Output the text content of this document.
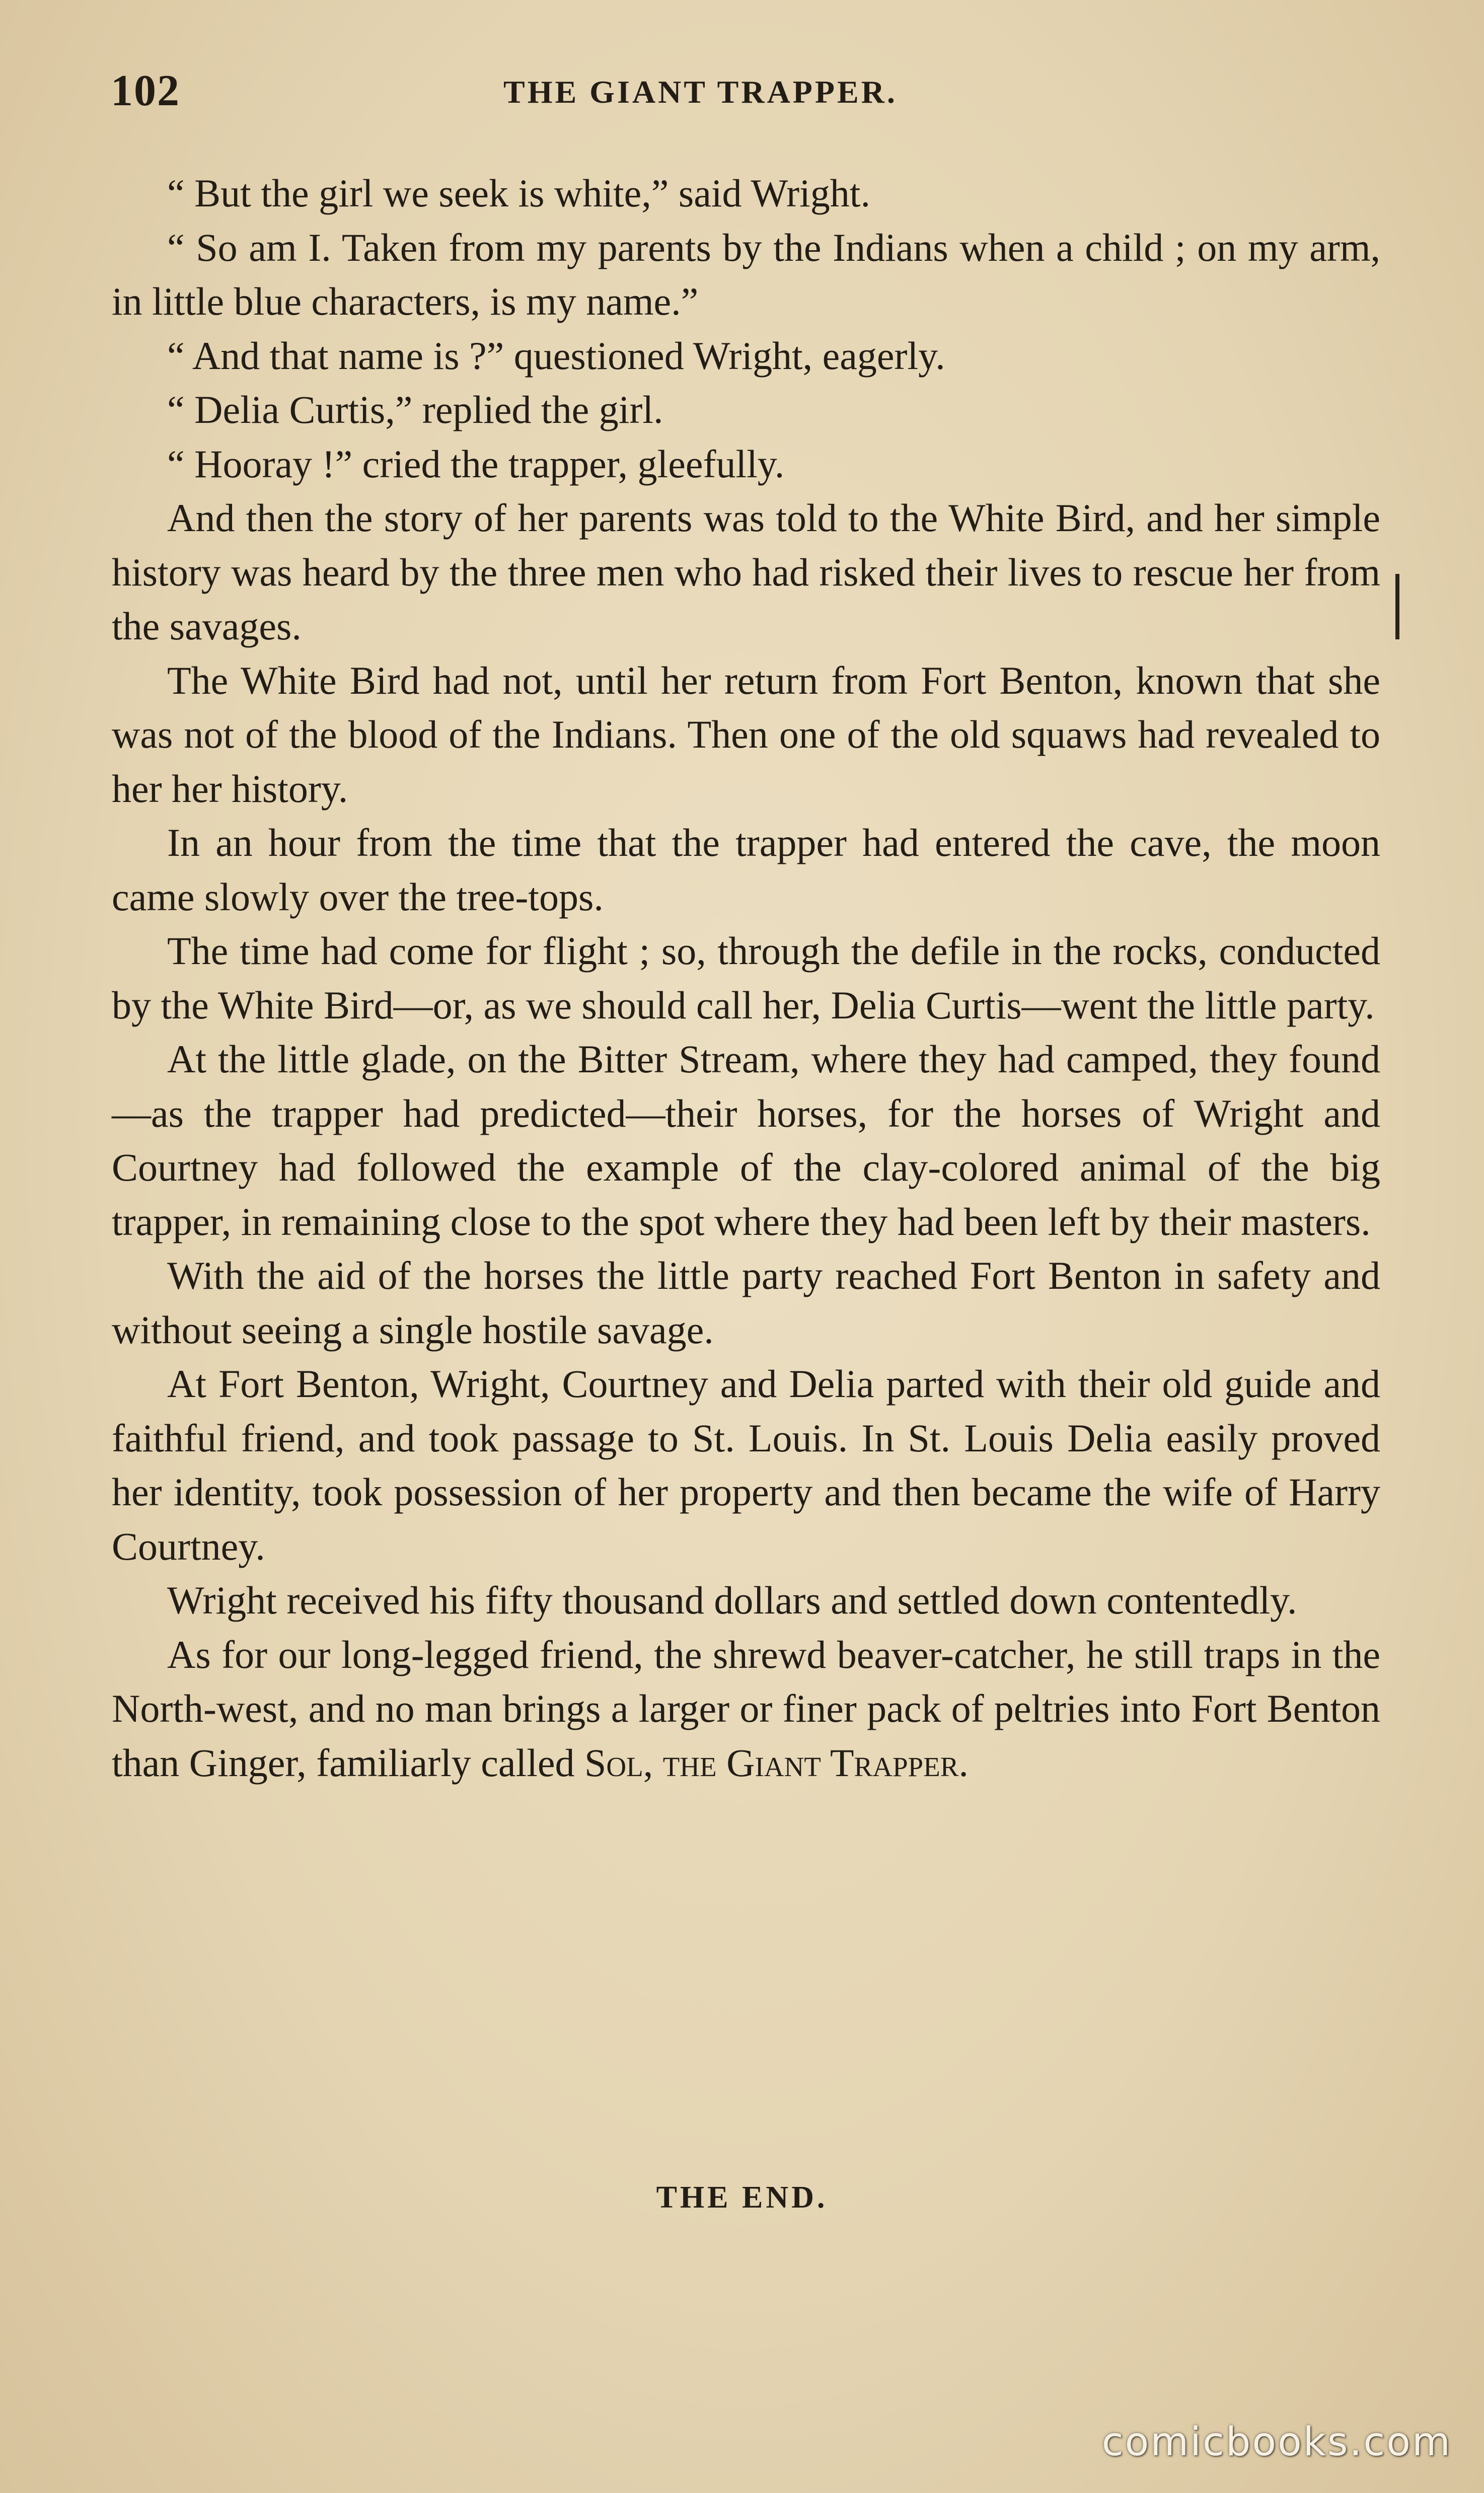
102	THE GIANT TRAPPER.

“ But the girl we seek is white,” said Wright.

“ So am I. Taken from my parents by the Indians when a child ; on my arm, in little blue characters, is my name.”

“ And that name is ?” questioned Wright, eagerly.

“ Delia Curtis,” replied the girl.

“ Hooray !” cried the trapper, gleefully.

And then the story of her parents was told to the White Bird, and her simple history was heard by the three men who had risked their lives to rescue her from the savages.

The White Bird had not, until her return from Fort Benton, known that she was not of the blood of the Indians. Then one of the old squaws had revealed to her her history.

In an hour from the time that the trapper had entered the cave, the moon came slowly over the tree-tops.

The time had come for flight ; so, through the defile in the rocks, conducted by the White Bird—or, as we should call her, Delia Curtis—went the little party.

At the little glade, on the Bitter Stream, where they had camped, they found—as the trapper had predicted—their horses, for the horses of Wright and Courtney had followed the example of the clay-colored animal of the big trapper, in remaining close to the spot where they had been left by their masters.

With the aid of the horses the little party reached Fort Benton in safety and without seeing a single hostile savage.

At Fort Benton, Wright, Courtney and Delia parted with their old guide and faithful friend, and took passage to St. Louis. In St. Louis Delia easily proved her identity, took possession of her property and then became the wife of Harry Courtney.

Wright received his fifty thousand dollars and settled down contentedly.

As for our long-legged friend, the shrewd beaver-catcher, he still traps in the North-west, and no man brings a larger or finer pack of peltries into Fort Benton than Ginger, familiarly called Sol, the Giant Trapper.

THE END.
comicbooks.com
